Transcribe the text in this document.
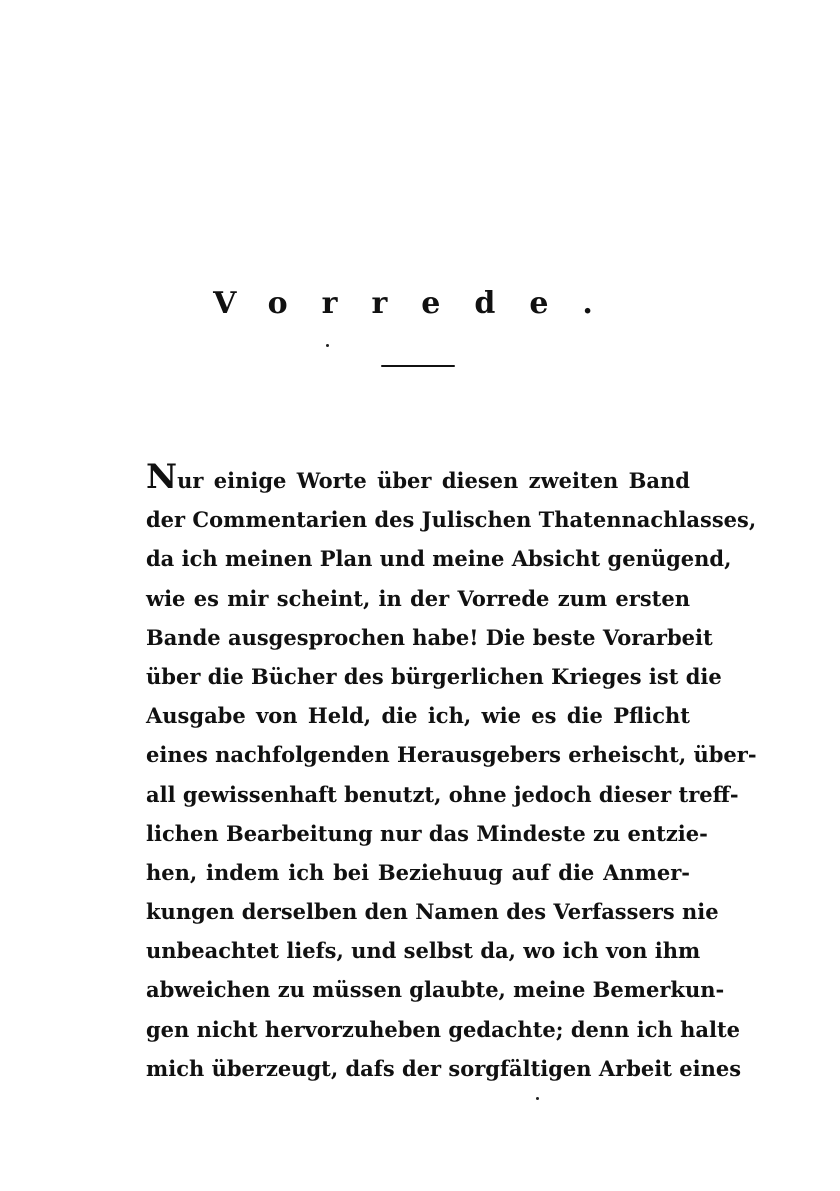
Vorrede.
Nur einige Worte über diesen zweiten Band
der Commentarien des Julischen Thatennachlasses,
da ich meinen Plan und meine Absicht genügend,
wie es mir scheint, in der Vorrede zum ersten
Bande ausgesprochen habe! Die beste Vorarbeit
über die Bücher des bürgerlichen Krieges ist die
Ausgabe von Held, die ich, wie es die Pflicht
eines nachfolgenden Herausgebers erheischt, über-
all gewissenhaft benutzt, ohne jedoch dieser treff-
lichen Bearbeitung nur das Mindeste zu entzie-
hen, indem ich bei Beziehuug auf die Anmer-
kungen derselben den Namen des Verfassers nie
unbeachtet liefs, und selbst da, wo ich von ihm
abweichen zu müssen glaubte, meine Bemerkun-
gen nicht hervorzuheben gedachte; denn ich halte
mich überzeugt, dafs der sorgfältigen Arbeit eines
